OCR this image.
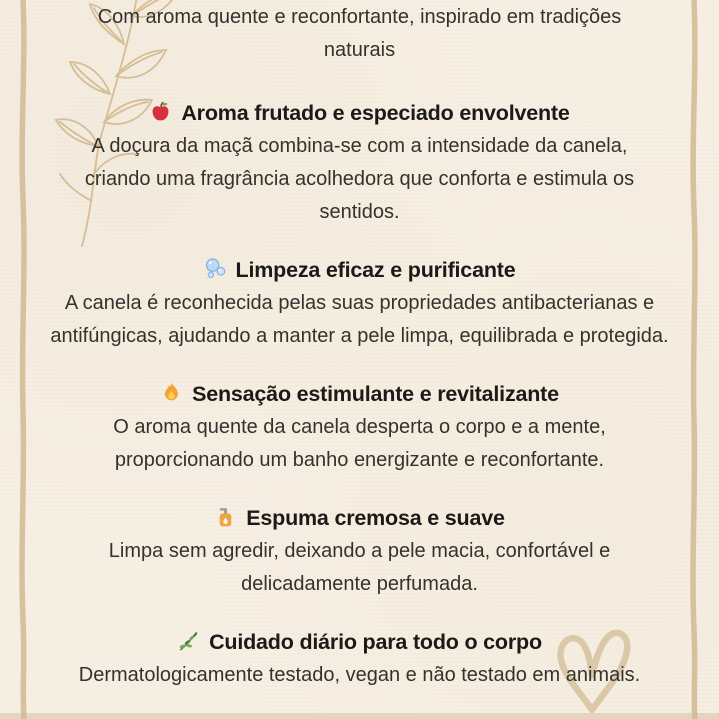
Com aroma quente e reconfortante, inspirado em tradições naturais

Aroma frutado e especiado envolvente

A doçura da maçã combina-se com a intensidade da canela, criando uma fragrância acolhedora que conforta e estimula os sentidos.

Limpeza eficaz e purificante

A canela é reconhecida pelas suas propriedades antibacterianas e antifúngicas, ajudando a manter a pele limpa, equilibrada e protegida.

Sensação estimulante e revitalizante

O aroma quente da canela desperta o corpo e a mente, proporcionando um banho energizante e reconfortante.

Espuma cremosa e suave

Limpa sem agredir, deixando a pele macia, confortável e delicadamente perfumada.

Cuidado diário para todo o corpo

Dermatologicamente testado, vegan e não testado em animais.
